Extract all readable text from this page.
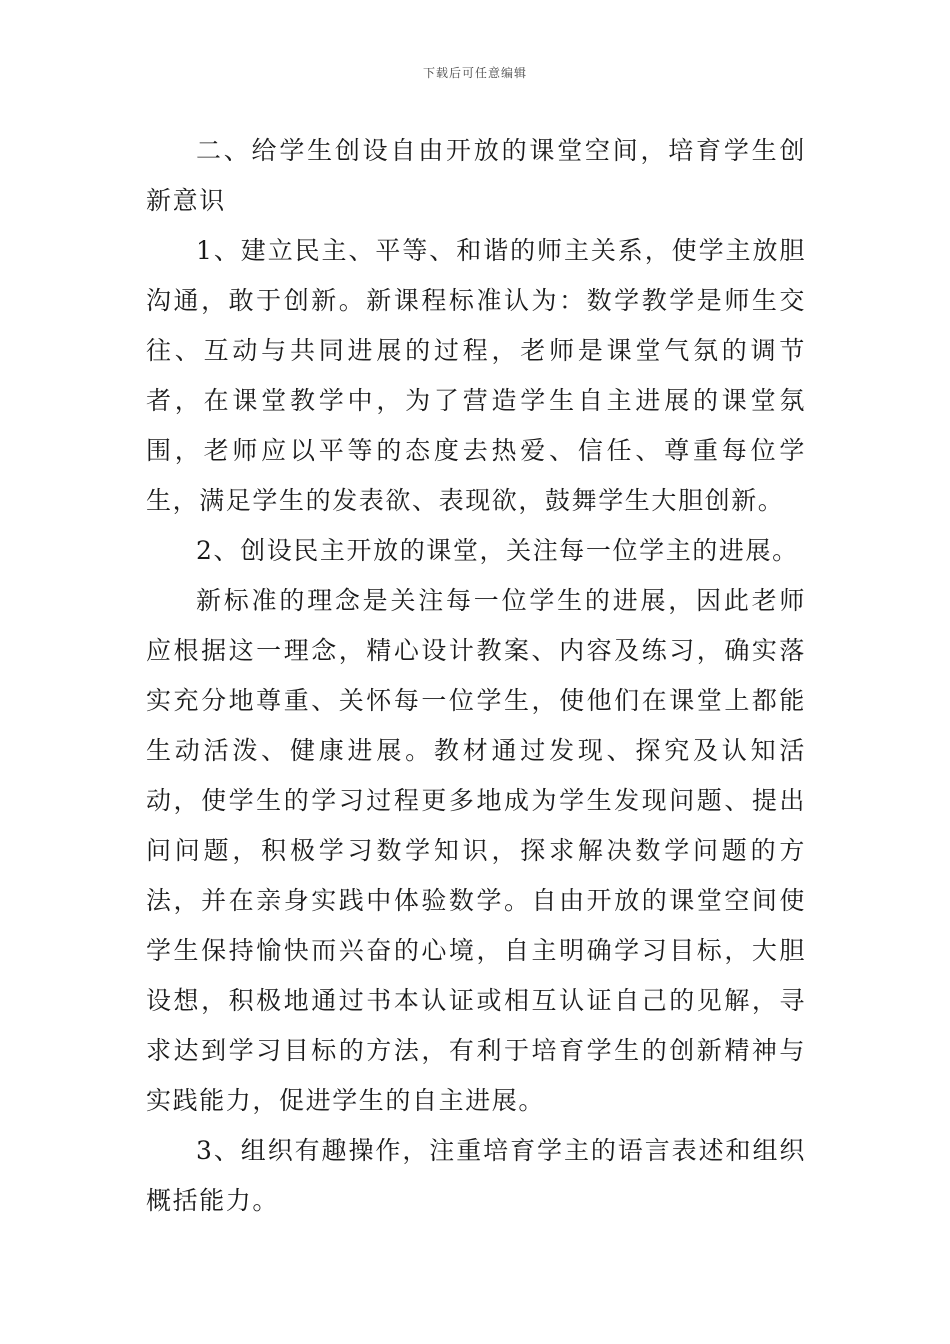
下载后可任意编辑

二、给学生创设自由开放的课堂空间，培育学生创新意识

1、建立民主、平等、和谐的师主关系，使学主放胆沟通，敢于创新。新课程标准认为：数学教学是师生交往、互动与共同进展的过程，老师是课堂气氛的调节者，在课堂教学中，为了营造学生自主进展的课堂氛围，老师应以平等的态度去热爱、信任、尊重每位学生，满足学生的发表欲、表现欲，鼓舞学生大胆创新。

2、创设民主开放的课堂，关注每一位学主的进展。

新标准的理念是关注每一位学生的进展，因此老师应根据这一理念，精心设计教案、内容及练习，确实落实充分地尊重、关怀每一位学生，使他们在课堂上都能生动活泼、健康进展。教材通过发现、探究及认知活动，使学生的学习过程更多地成为学生发现问题、提出问问题，积极学习数学知识，探求解决数学问题的方法，并在亲身实践中体验数学。自由开放的课堂空间使学生保持愉快而兴奋的心境，自主明确学习目标，大胆设想，积极地通过书本认证或相互认证自己的见解，寻求达到学习目标的方法，有利于培育学生的创新精神与实践能力，促进学生的自主进展。

3、组织有趣操作，注重培育学主的语言表述和组织概括能力。
